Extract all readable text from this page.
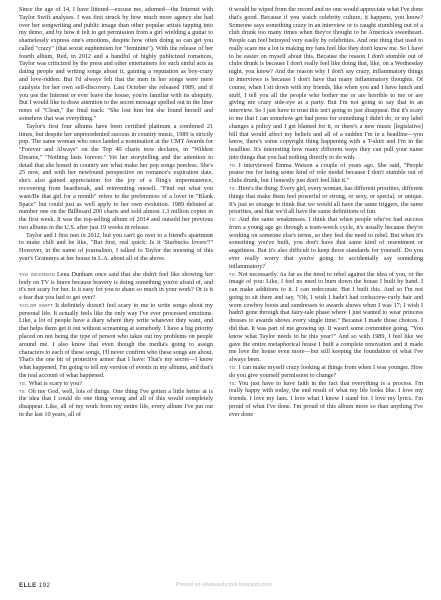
Since the age of 14, I have littered—excuse me, adorned—the Internet with Taylor Swift analyses. I was first struck by how much more agency she had over her songwriting and public image than other popular artists tapping into my demo, and by how it felt to get permission from a girl wielding a guitar to shamelessly express one's emotions, despite how often doing so can get you called "crazy" (that sexist euphemism for "feminine"). With the release of her fourth album, Red, in 2012 and a handful of highly publicized romances, Taylor was criticized by the press and other entertainers for such sinful acts as dating people and writing songs about it, gaining a reputation as boy-crazy and love-ridden. But I'd always felt that the men in her songs were mere catalysts for her own self-discovery. Last October she released 1989, and if you use the Internet or ever leave the house, you're familiar with its ubiquity. But I would like to draw attention to the secret message spelled out in the liner notes of "Clean," the final track: "She lost him but she found herself and somehow that was everything."

Taylor's first four albums have been certified platinum a combined 21 times, but despite her unprecedented success in country music, 1989 is strictly pop. The same woman who once landed a nomination at the CMT Awards for "Forever and Always" on the Top 40 charts now declares, in "Wildest Dreams," "Nothing lasts forever." Yet her storytelling and the attention to detail that she honed in country are what make her pop songs peerless. She's 25 now, and with her newfound perspective on romance's expiration date, she's also gained appreciation for the joy of a fling's impermanence, recovering from heartbreak, and reinventing oneself. "Find out what you want/Be that girl for a month" refers to the preferences of a lover in "Blank Space" but could just as well apply to her own evolution. 1989 debuted at number one on the Billboard 200 charts and sold almost 1.3 million copies in the first week. It was the top-selling album of 2014 and outsold her previous two albums in the U.S. after just 19 weeks in release.

Taylor and I first met in 2012, but you can't go over to a friend's apartment to make chili and be like, "But first, real quick: Is it 'Starbucks lovers'?" However, in the name of journalism, I talked to Taylor the morning of this year's Grammys at her house in L.A. about all of the above.

TAVI GEVINSON Lena Dunham once said that she didn't feel like showing her body on TV is brave because bravery is doing something you're afraid of, and it's not scary for her. Is it easy for you to share so much in your work? Or is it a fear that you had to get over?

TAYLOR SWIFT It definitely doesn't feel scary to me to write songs about my personal life. It actually feels like the only way I've ever processed emotions. Like, a lot of people have a diary where they write whatever they want, and that helps them get it out without screaming at somebody. I have a big priority placed on not being the type of person who takes out my problems on people around me. I also know that even though the media's going to assign characters to each of these songs, I'll never confirm who these songs are about. That's the one bit of protective armor that I have: That's my secret—I know what happened, I'm going to tell my version of events in my albums, and that's the real account of what happened.

TG: What is scary to you?

TS: Oh my God, well, lots of things. One thing I've gotten a little better at is the idea that I could do one thing wrong and all of this would completely disappear. Like, all of my work from my entire life, every album I've put out in the last 10 years, all of

it would be wiped from the record and no one would appreciate what I've done that's good. Because if you watch celebrity culture, it happens, you know? Someone says something crazy in an interview or is caught stumbling out of a club drunk too many times when they're thought to be America's sweetheart. People can feel betrayed very easily by celebrities. And one thing that used to really scare me a lot is making my fans feel like they don't know me. So I have to be easier on myself about this. Because the reason I don't stumble out of clubs drunk is because I don't really feel like doing that, like, on a Wednesday night, you know? And the reason why I don't say crazy, inflammatory things in interviews is because I don't have that many inflammatory thoughts. Of course, when I sit down with my friends, like when you and I have lunch and stuff, I tell you all the people who bother me or are horrible to me or are giving me crazy side-eye at a party. But I'm not going to say that in an interview. So I just have to trust this isn't going to just disappear. But it's scary to me that I can somehow get bad press for something I didn't do, or my label changes a policy and I get blamed for it, or there's a new music [legislative] bill that would affect my beliefs and all of a sudden I'm in a headline—you know, there's some copyright thing happening with a T-shirt and I'm in the headline. It's interesting how many different ways they can pull your name into things that you had nothing directly to do with.

TG: I interviewed Emma Watson a couple of years ago. She said, "People praise me for being some kind of role model because I don't stumble out of clubs drunk, but I honestly just don't feel like it."

TS: Here's the thing: Every girl, every woman, has different priorities, different things that make them feel powerful or strong, or sexy, or special, or unique. It's just so strange to think that we would all have the same triggers, the same priorities, and that we'd all have the same definitions of fun.

TG: And the same weaknesses. I think that when people who've had success from a young age go through a train-wreck cycle, it's usually because they're working on someone else's terms, so they feel the need to rebel. But when it's something you've built, you don't have that same kind of resentment or angstiness. But it's also difficult to keep those standards for yourself. Do you ever really worry that you're going to accidentally say something inflammatory?

TS: Not necessarily. As far as the need to rebel against the idea of you, or the image of you: Like, I feel no need to burn down the house I built by hand. I can make additions to it. I can redecorate. But I built this. And so I'm not going to sit there and say, "Oh, I wish I hadn't had corkscrew-curly hair and worn cowboy boots and sundresses to awards shows when I was 17; I wish I hadn't gone through that fairy-tale phase where I just wanted to wear princess dresses to awards shows every single time." Because I made those choices. I did that. It was part of me growing up. It wasn't some committee going, "You know what Taylor needs to be this year?" And so with 1989, I feel like we gave the entire metaphorical house I built a complete renovation and it made me love the house even more—but still keeping the foundation of what I've always been.

TG: I can make myself crazy looking at things from when I was younger. How do you give yourself permission to change?

TS: You just have to have faith in the fact that everything is a process. I'm really happy with today, the end result of what my life looks like. I love my friends. I love my fans. I love what I know I stand for. I love my lyrics. I'm proud of what I've done. I'm proud of this album more so than anything I've ever done

ELLE 192	Posted on ellebeautyclub.blogspot.com
